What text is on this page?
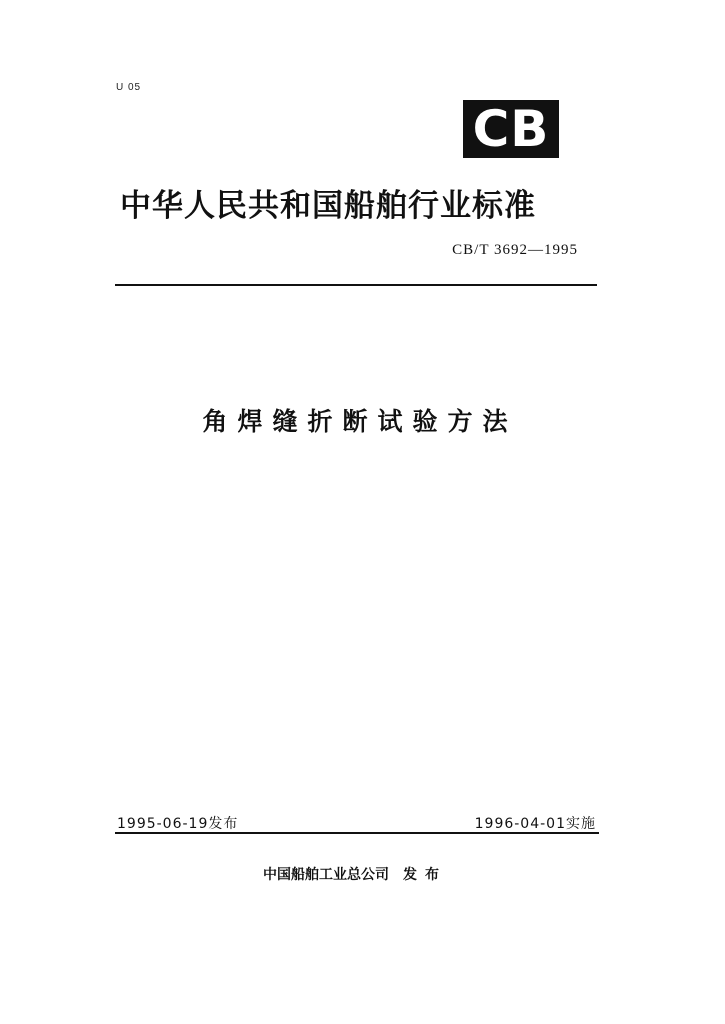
U 05
CB
中华人民共和国船舶行业标准
CB/T 3692—1995
角焊缝折断试验方法
1995-06-19发布	1996-04-01实施
中国船舶工业总公司 发布
